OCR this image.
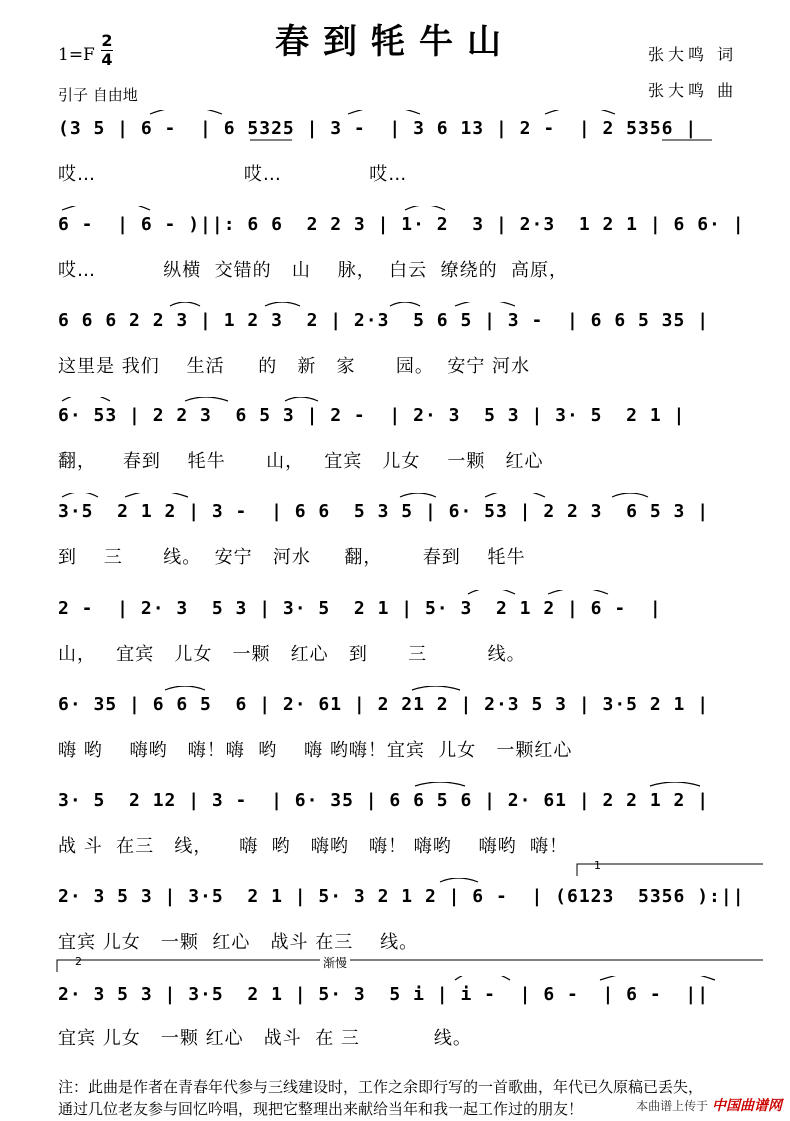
春到牦牛山
$1=F \frac{2}{4}$
引子 自由地
张大鸣 词
张大鸣 曲
(3 5 | 6 -  | 6 5325 | 3 -  | 3 6 13 | 2 -  | 2 5356 |
哎…                      哎…             哎…
6 -  | 6 - )||: 6 6  2 2 3 | 1· 2  3 | 2·3  1 2 1 | 6 6· |
哎…          纵横  交错的   山    脉，  白云  缭绕的  高原，
6 6 6 2 2 3 | 1 2 3  2 | 2·3  5 6 5 | 3 -  | 6 6 5 35 |
这里是 我们    生活     的   新   家      园。  安宁 河水
6· 53 | 2 2 3  6 5 3 | 2 -  | 2· 3  5 3 | 3· 5  2 1 |
翻，    春到    牦牛      山，   宜宾   儿女    一颗   红心
3·5  2 1 2 | 3 -  | 6 6  5 3 5 | 6· 53 | 2 2 3  6 5 3 |
到    三      线。  安宁   河水     翻，      春到    牦牛
2 -  | 2· 3  5 3 | 3· 5  2 1 | 5· 3  2 1 2 | 6 -  |
山，   宜宾   儿女   一颗   红心   到      三         线。
6· 35 | 6 6 5  6 | 2· 61 | 2 21 2 | 2·3 5 3 | 3·5 2 1 |
嗨 哟    嗨哟   嗨！嗨  哟    嗨 哟嗨！宜宾  儿女   一颗红心
3· 5  2 12 | 3 -  | 6· 35 | 6 6 5 6 | 2· 61 | 2 2 1 2 |
战 斗  在三   线，    嗨  哟   嗨哟   嗨！ 嗨哟    嗨哟  嗨！
1
2· 3 5 3 | 3·5  2 1 | 5· 3 2 1 2 | 6 -  | (6123  5356 ):||
宜宾 儿女   一颗  红心   战斗 在三    线。
2	渐慢
2· 3 5 3 | 3·5  2 1 | 5· 3  5 i | i -  | 6 -  | 6 -  ||
宜宾 儿女   一颗 红心   战斗  在 三           线。
注：此曲是作者在青春年代参与三线建设时，工作之余即行写的一首歌曲，年代已久原稿已丢失，
通过几位老友参与回忆吟唱，现把它整理出来献给当年和我一起工作过的朋友！	本曲谱上传于 中国曲谱网
